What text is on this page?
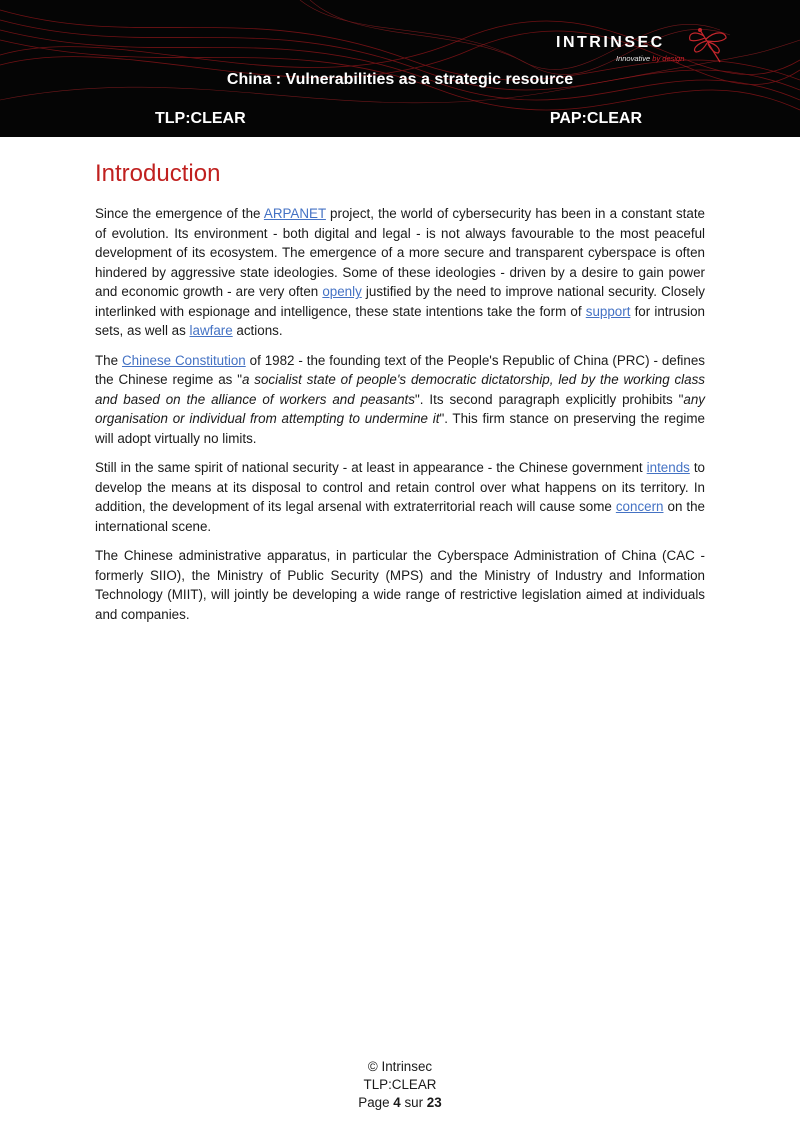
INTRINSEC
Innovative by design
China : Vulnerabilities as a strategic resource
TLP:CLEAR	PAP:CLEAR
Introduction

Since the emergence of the ARPANET project, the world of cybersecurity has been in a constant state of evolution. Its environment - both digital and legal - is not always favourable to the most peaceful development of its ecosystem. The emergence of a more secure and transparent cyberspace is often hindered by aggressive state ideologies. Some of these ideologies - driven by a desire to gain power and economic growth - are very often openly justified by the need to improve national security. Closely interlinked with espionage and intelligence, these state intentions take the form of support for intrusion sets, as well as lawfare actions.

The Chinese Constitution of 1982 - the founding text of the People's Republic of China (PRC) - defines the Chinese regime as "a socialist state of people's democratic dictatorship, led by the working class and based on the alliance of workers and peasants". Its second paragraph explicitly prohibits "any organisation or individual from attempting to undermine it". This firm stance on preserving the regime will adopt virtually no limits.

Still in the same spirit of national security - at least in appearance - the Chinese government intends to develop the means at its disposal to control and retain control over what happens on its territory. In addition, the development of its legal arsenal with extraterritorial reach will cause some concern on the international scene.

The Chinese administrative apparatus, in particular the Cyberspace Administration of China (CAC - formerly SIIO), the Ministry of Public Security (MPS) and the Ministry of Industry and Information Technology (MIIT), will jointly be developing a wide range of restrictive legislation aimed at individuals and companies.

© Intrinsec
TLP:CLEAR
Page 4 sur 23
